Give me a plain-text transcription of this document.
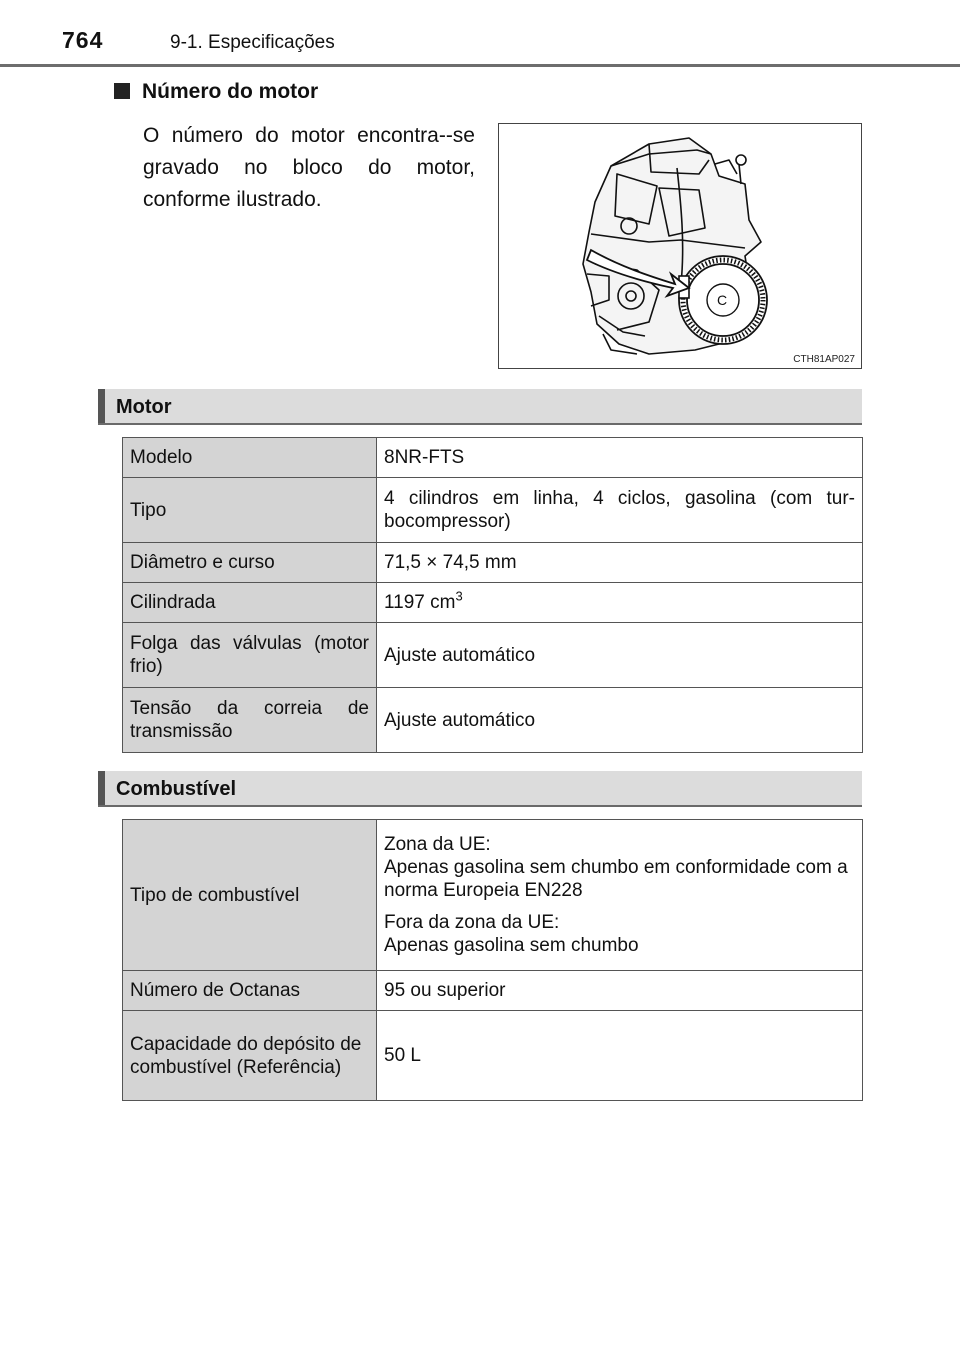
764	9-1. Especificações
Número do motor
O número do motor encontra--se gravado no bloco do motor, conforme ilustrado.
C
CTH81AP027
Motor
Modelo	8NR-FTS
Tipo	4 cilindros em linha, 4 ciclos, gasolina (com tur-bocompressor)
Diâmetro e curso	71,5 × 74,5 mm
Cilindrada	1197 $cm^3$
Folga das válvulas (motor frio)	Ajuste automático
Tensão da correia de transmissão	Ajuste automático
Combustível
Tipo de combustível	Zona da UE:
Apenas gasolina sem chumbo em conformidade com a norma Europeia EN228
Fora da zona da UE:
Apenas gasolina sem chumbo

Número de Octanas	95 ou superior
Capacidade do depósito de combustível (Referência)	50 L
